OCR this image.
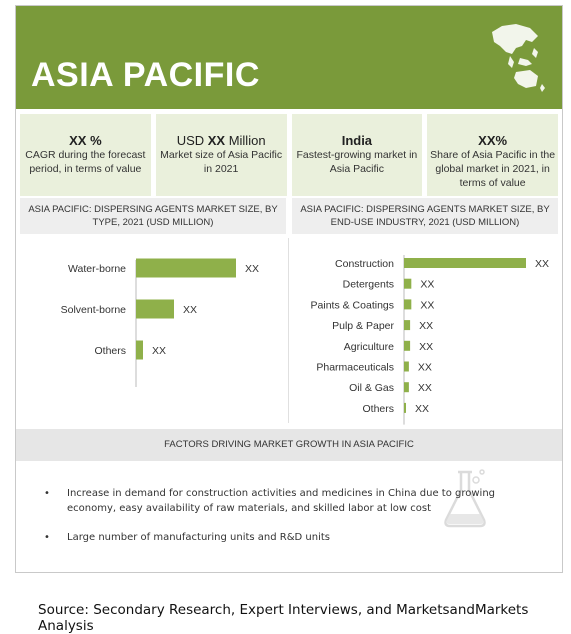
ASIA PACIFIC
XX %
CAGR during the forecast period, in terms of value
USD XX Million
Market size of Asia Pacific in 2021
India
Fastest-growing market in Asia Pacific
XX%
Share of Asia Pacific in the global market in 2021, in terms of value
ASIA PACIFIC: DISPERSING AGENTS MARKET SIZE, BY TYPE, 2021 (USD MILLION)
ASIA PACIFIC: DISPERSING AGENTS MARKET SIZE, BY END-USE INDUSTRY, 2021 (USD MILLION)
Water-borne	XX
Solvent-borne	XX
Others XX
Construction	XX
Detergents	XX
Paints & Coatings	XX
Pulp & Paper XX
Agriculture XX
Pharmaceuticals XX
Oil & Gas XX
Others XX
FACTORS DRIVING MARKET GROWTH IN ASIA PACIFIC
• Increase in demand for construction activities and medicines in China due to growing economy, easy availability of raw materials, and skilled labor at low cost
• Large number of manufacturing units and R&D units
Source: Secondary Research, Expert Interviews, and MarketsandMarkets Analysis
